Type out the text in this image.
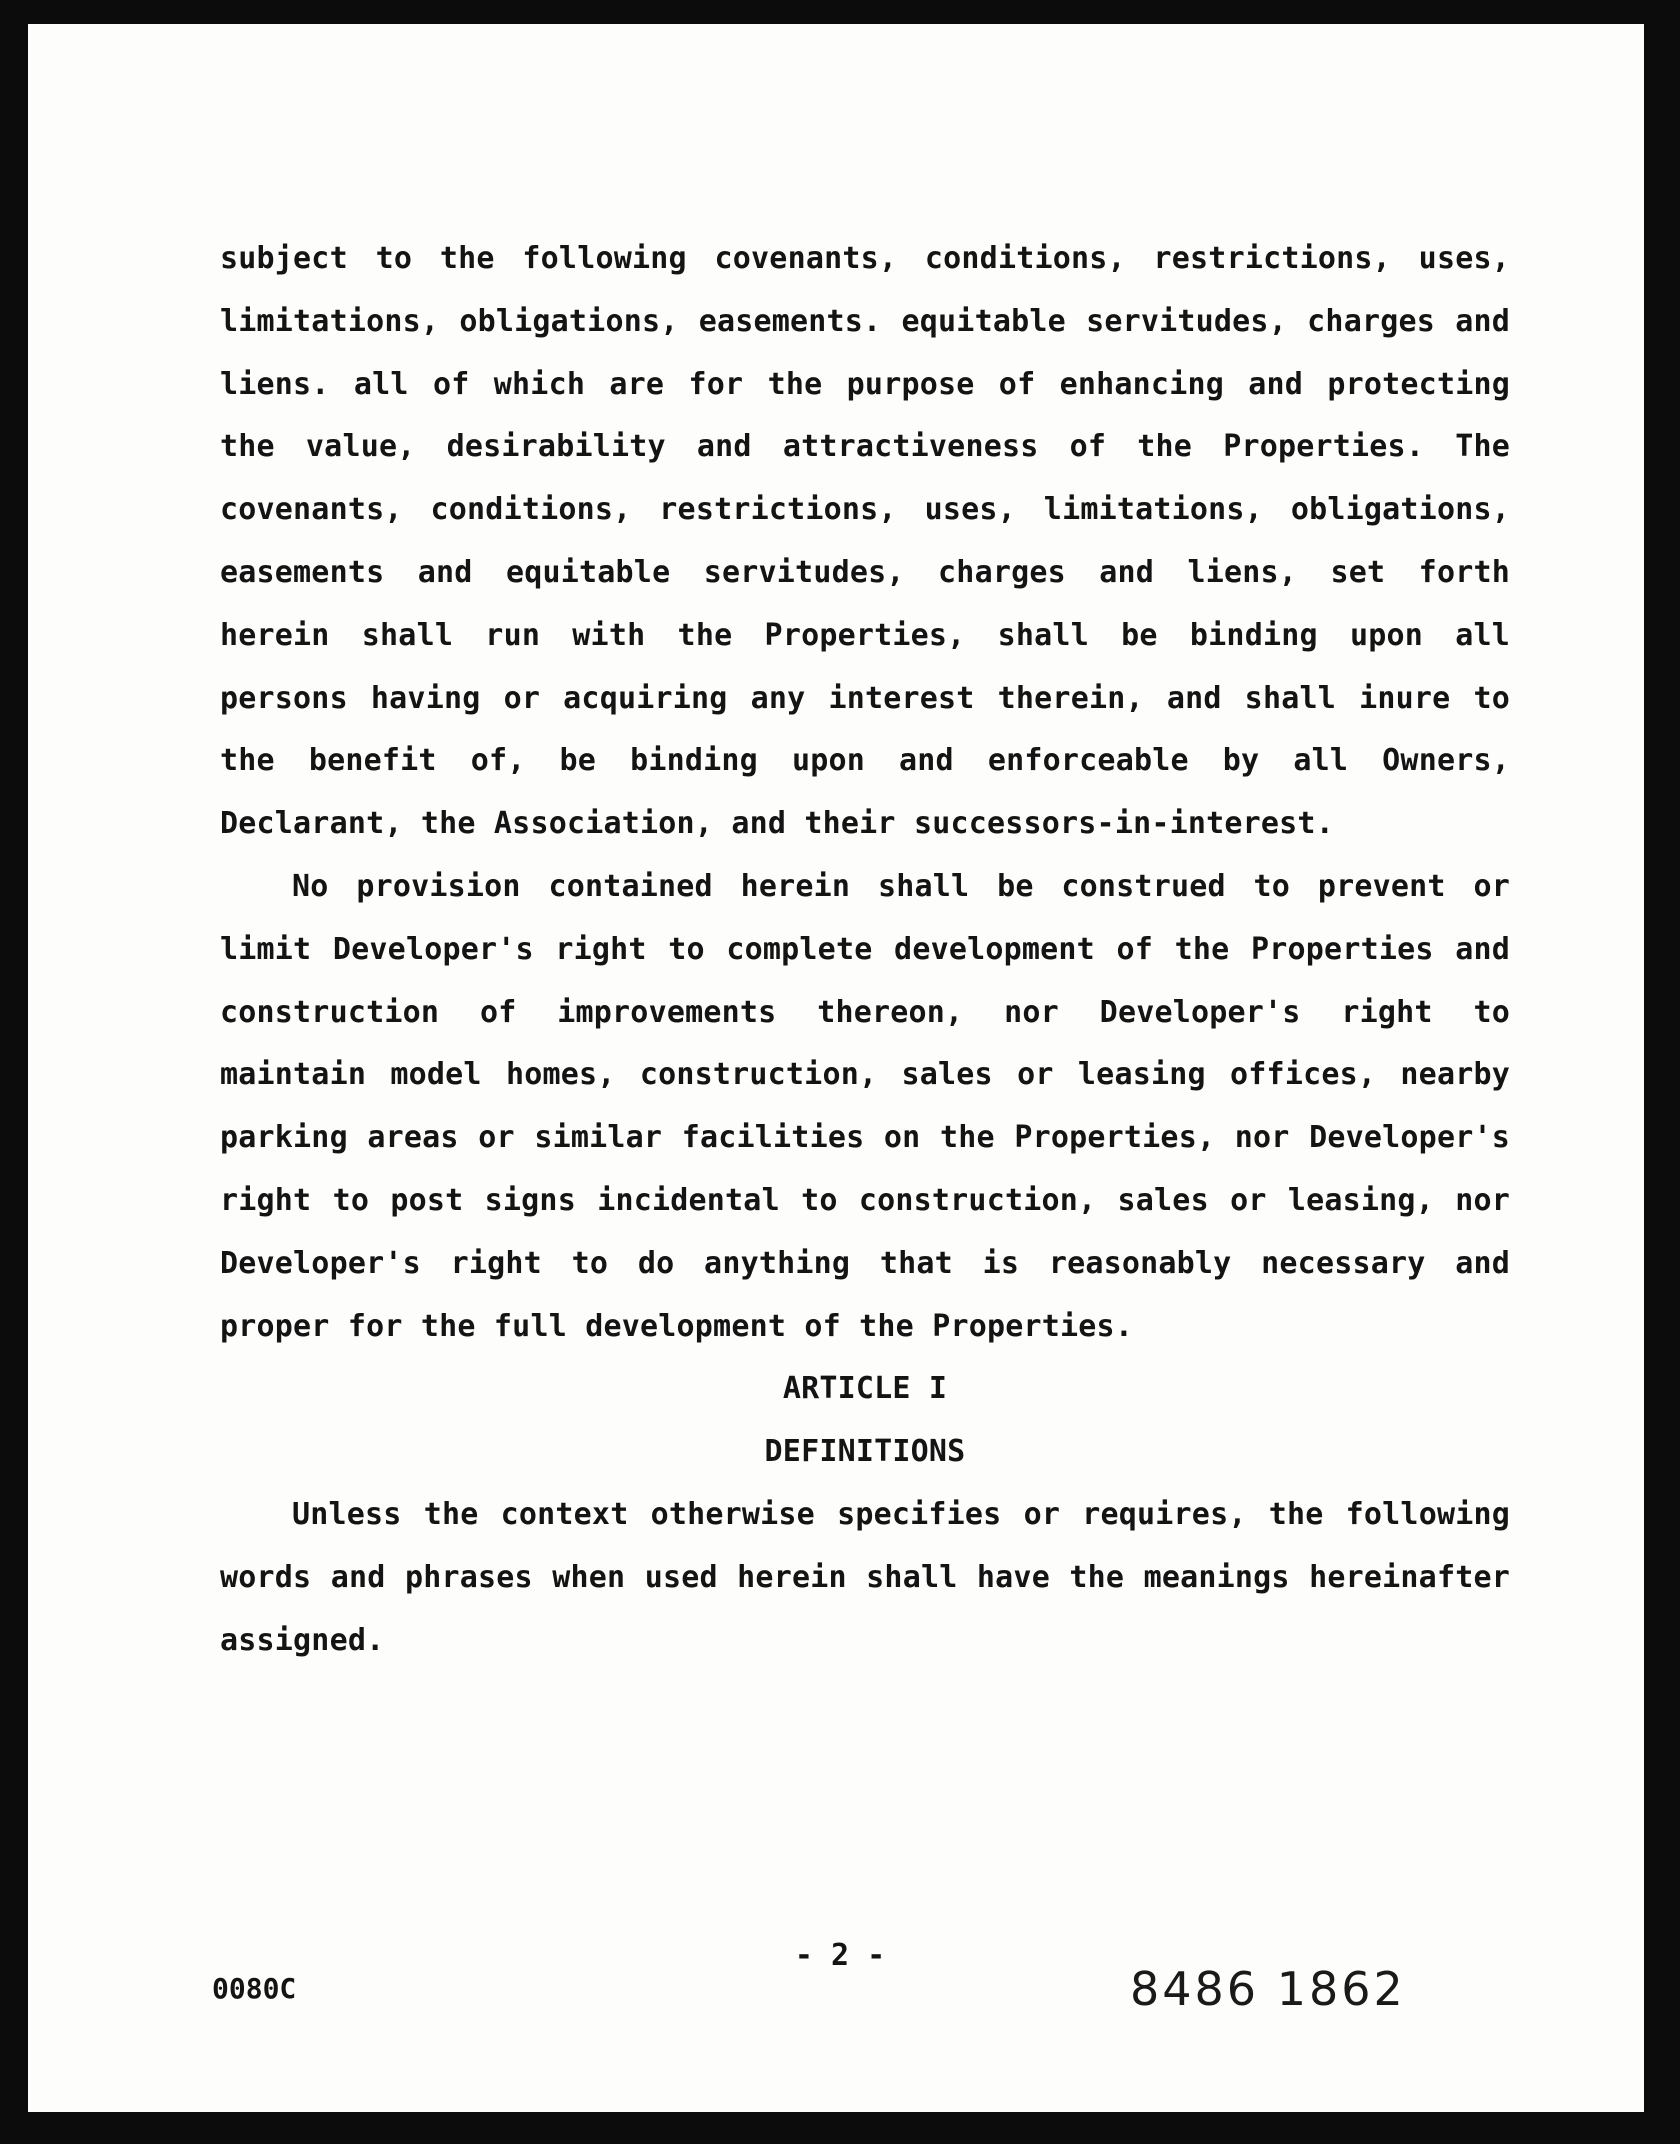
subject to the following covenants, conditions, restrictions, uses, limitations, obligations, easements. equitable servitudes, charges and liens. all of which are for the purpose of enhancing and protecting the value, desirability and attractiveness of the Properties. The covenants, conditions, restrictions, uses, limitations, obligations, easements and equitable servitudes, charges and liens, set forth herein shall run with the Properties, shall be binding upon all persons having or acquiring any interest therein, and shall inure to the benefit of, be binding upon and enforceable by all Owners, Declarant, the Association, and their successors-in-interest.

No provision contained herein shall be construed to prevent or limit Developer's right to complete development of the Properties and construction of improvements thereon, nor Developer's right to maintain model homes, construction, sales or leasing offices, nearby parking areas or similar facilities on the Properties, nor Developer's right to post signs incidental to construction, sales or leasing, nor Developer's right to do anything that is reasonably necessary and proper for the full development of the Properties.

ARTICLE I

DEFINITIONS

Unless the context otherwise specifies or requires, the following words and phrases when used herein shall have the meanings hereinafter assigned.

- 2 -
0080C	8486 1862
